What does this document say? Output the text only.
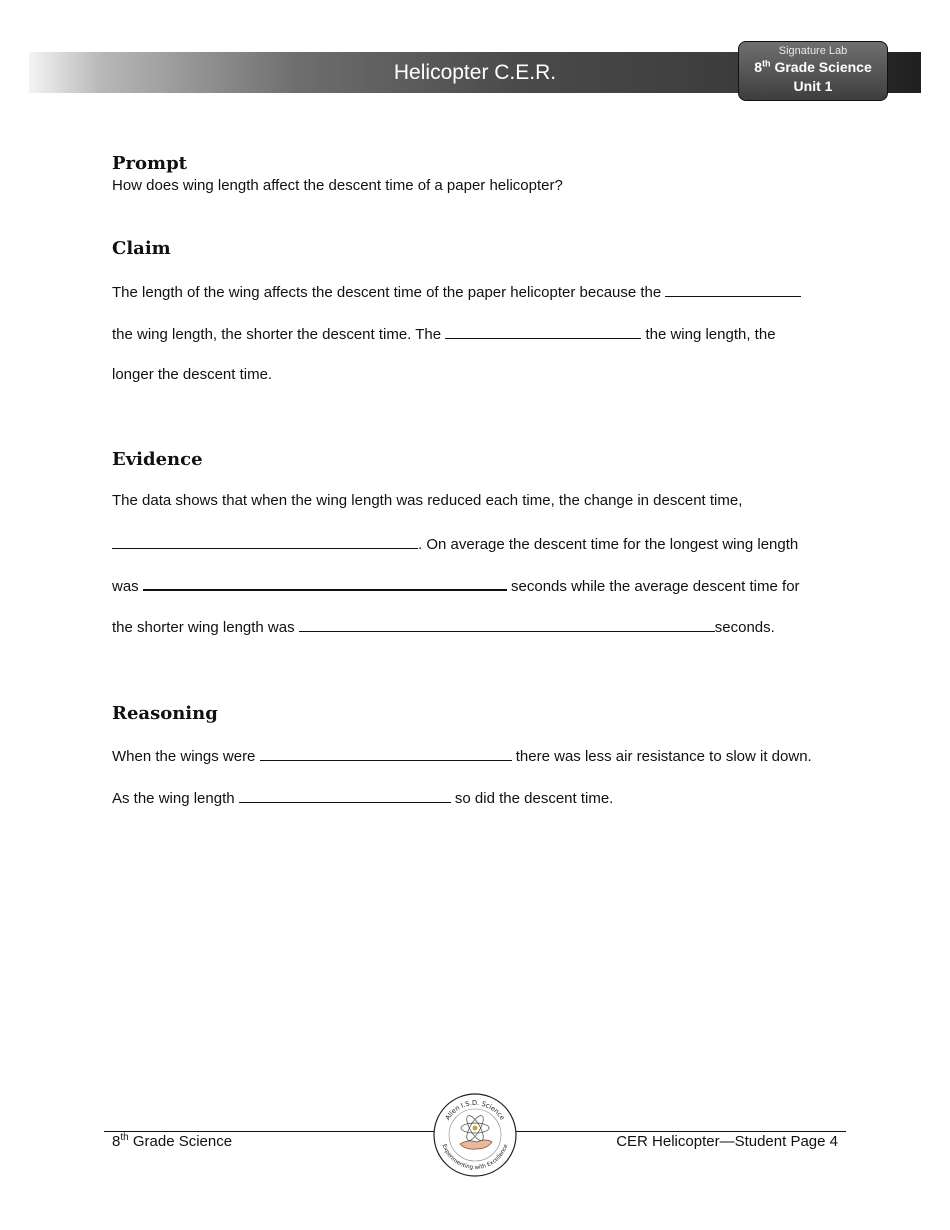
Helicopter C.E.R.
Signature Lab
8th Grade Science
Unit 1
Prompt
How does wing length affect the descent time of a paper helicopter?
Claim
The length of the wing affects the descent time of the paper helicopter because the
the wing length, the shorter the descent time. The	the wing length, the
longer the descent time.
Evidence
The data shows that when the wing length was reduced each time, the change in descent time,
. On average the descent time for the longest wing length
was	seconds while the average descent time for
the shorter wing length was	seconds.
Reasoning
When the wings were	there was less air resistance to slow it down.
As the wing length	so did the descent time.
8th Grade Science	CER Helicopter—Student Page 4
Allen I.S.D. Science
Experimenting with Excellence
